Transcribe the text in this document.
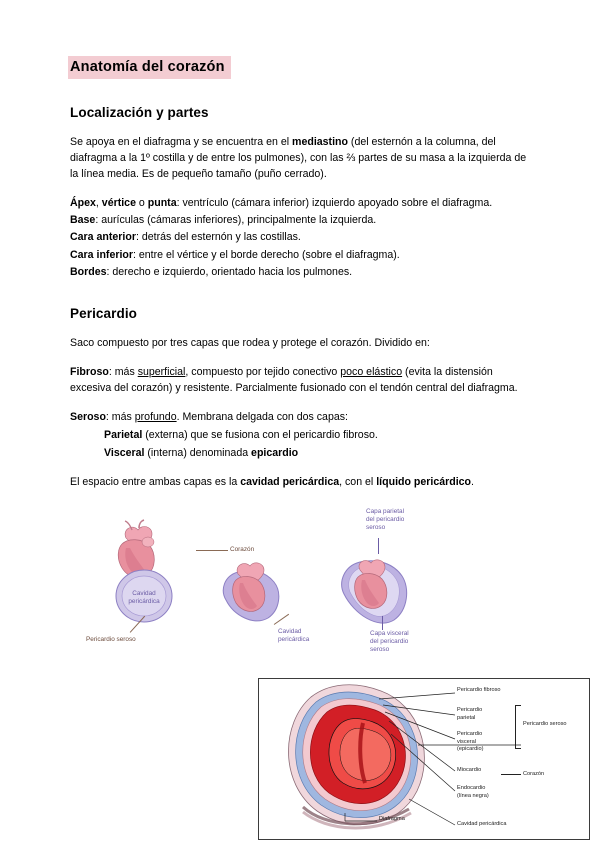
Anatomía del corazón
Localización y partes

Se apoya en el diafragma y se encuentra en el mediastino (del esternón a la columna, del diafragma a la 1º costilla y de entre los pulmones), con las ⅔ partes de su masa a la izquierda de la línea media. Es de pequeño tamaño (puño cerrado).

Ápex, vértice o punta: ventrículo (cámara inferior) izquierdo apoyado sobre el diafragma.

Base: aurículas (cámaras inferiores), principalmente la izquierda.

Cara anterior: detrás del esternón y las costillas.

Cara inferior: entre el vértice y el borde derecho (sobre el diafragma).

Bordes: derecho e izquierdo, orientado hacia los pulmones.

Pericardio

Saco compuesto por tres capas que rodea y protege el corazón. Dividido en:

Fibroso: más superficial, compuesto por tejido conectivo poco elástico (evita la distensión excesiva del corazón) y resistente. Parcialmente fusionado con el tendón central del diafragma.

Seroso: más profundo. Membrana delgada con dos capas:

Parietal (externa) que se fusiona con el pericardio fibroso.

Visceral (interna) denominada epicardio

El espacio entre ambas capas es la cavidad pericárdica, con el líquido pericárdico.

Corazón
Cavidad
pericárdica
Pericardio seroso
Cavidad
pericárdica
Capa parietal
del pericardio
seroso
Capa visceral
del pericardio
seroso
Pericardio fibroso
Pericardio
parietal
Pericardio
visceral
(epicardio)
Miocardio
Endocardio
(línea negra)
Diafragma
Cavidad pericárdica
Pericardio seroso
Corazón
